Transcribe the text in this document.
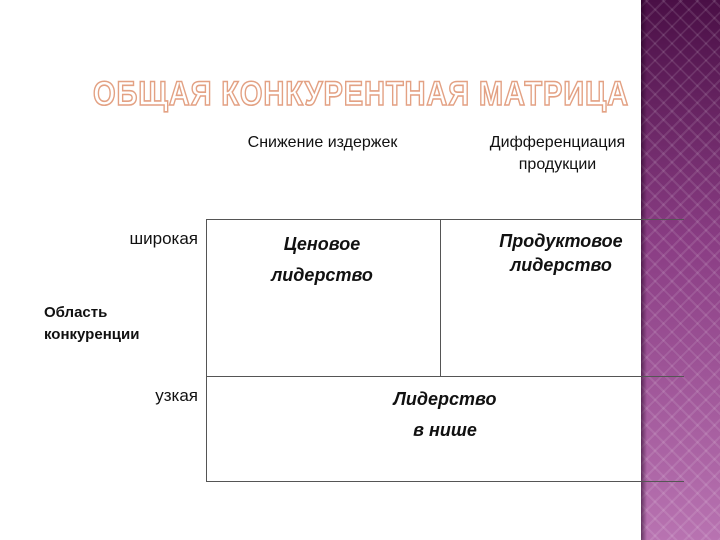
ОБЩАЯ КОНКУРЕНТНАЯ МАТРИЦА
Снижение издержек	Дифференциация
продукции
широкая
узкая
Область
конкуренции
Ценовое
лидерство
Продуктовое
лидерство
Лидерство
в нише
